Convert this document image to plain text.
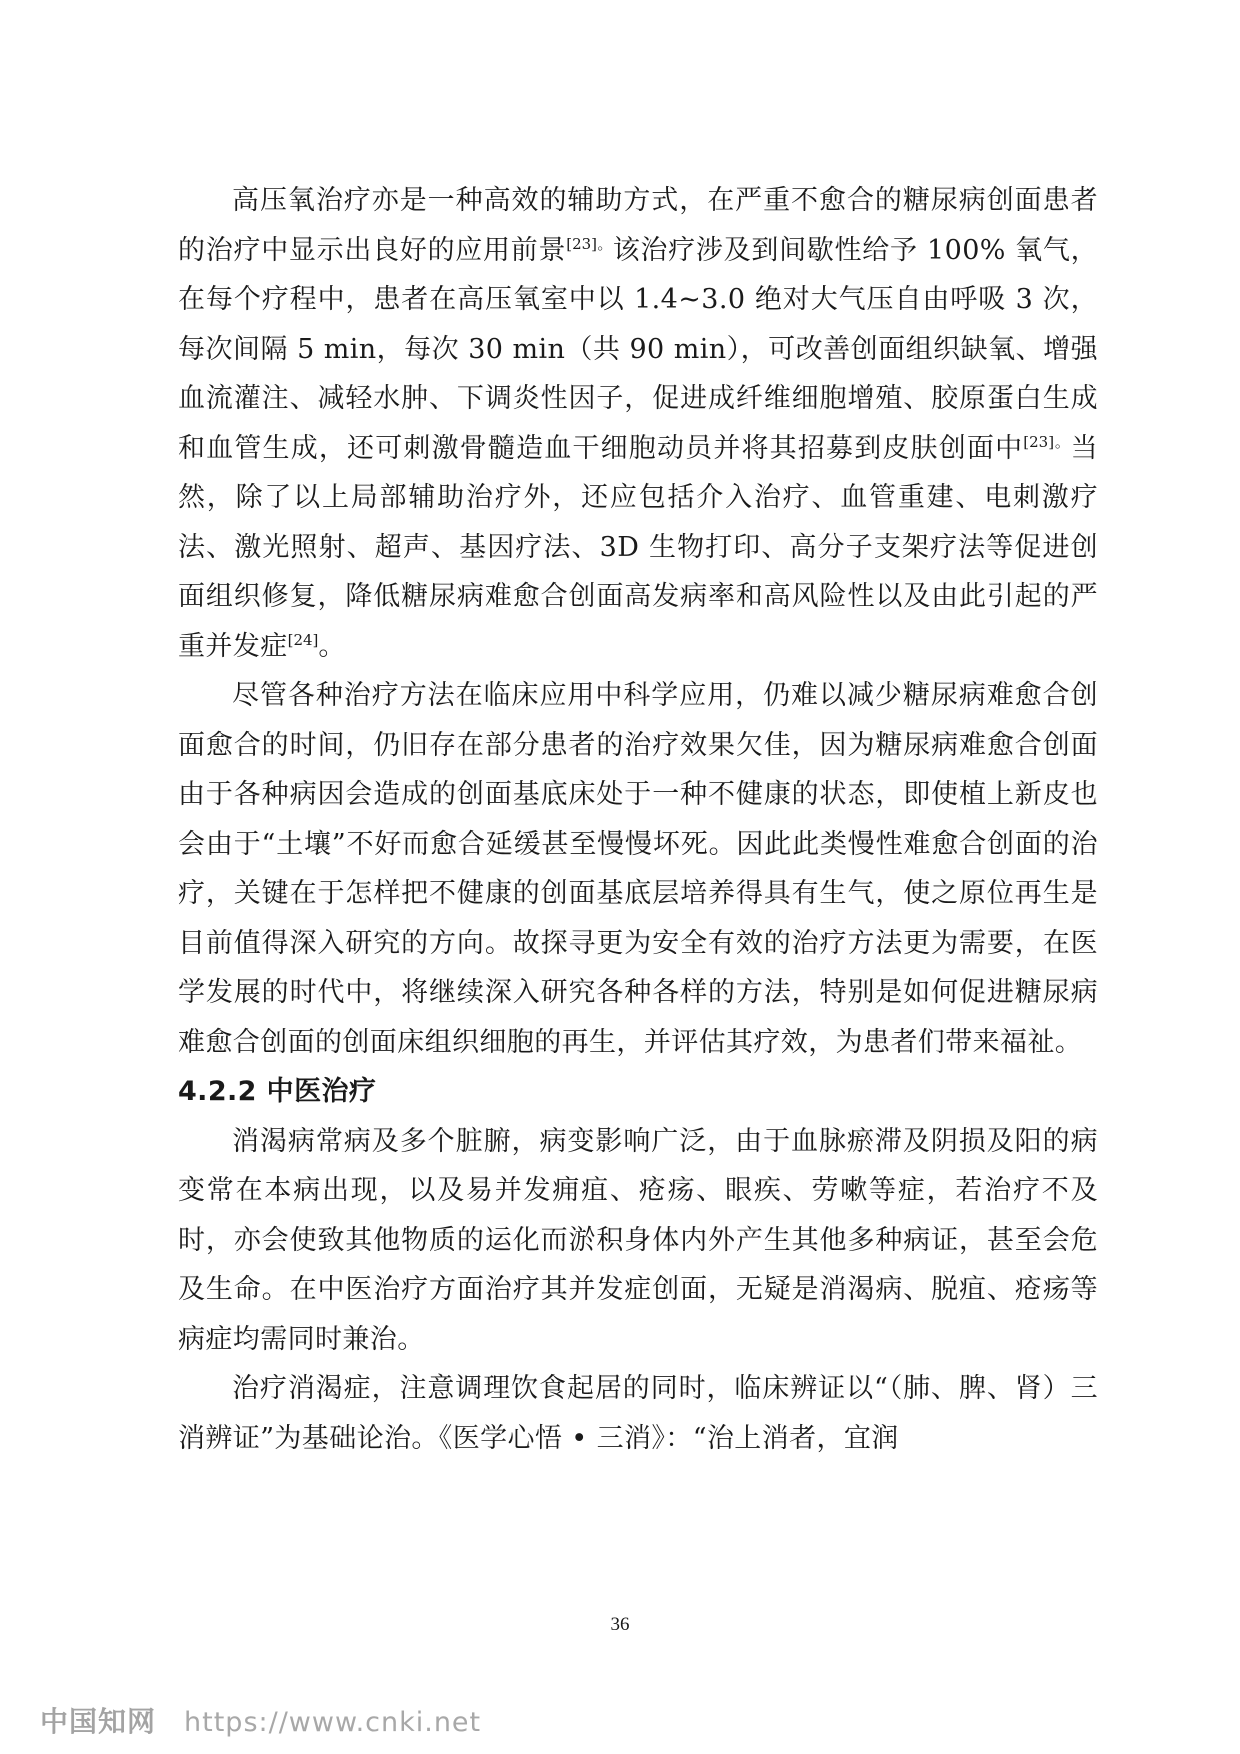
高压氧治疗亦是一种高效的辅助方式，在严重不愈合的糖尿病创面患者的治疗中显示出良好的应用前景$^{[23]。}$该治疗涉及到间歇性给予 100% 氧气，在每个疗程中，患者在高压氧室中以 1.4~3.0 绝对大气压自由呼吸 3 次，每次间隔 5 min，每次 30 min（共 90 min），可改善创面组织缺氧、增强血流灌注、减轻水肿、下调炎性因子，促进成纤维细胞增殖、胶原蛋白生成和血管生成，还可刺激骨髓造血干细胞动员并将其招募到皮肤创面中$^{[23]。}$当然，除了以上局部辅助治疗外，还应包括介入治疗、血管重建、电刺激疗法、激光照射、超声、基因疗法、3D 生物打印、高分子支架疗法等促进创面组织修复，降低糖尿病难愈合创面高发病率和高风险性以及由此引起的严重并发症[24]。

尽管各种治疗方法在临床应用中科学应用，仍难以减少糖尿病难愈合创面愈合的时间，仍旧存在部分患者的治疗效果欠佳，因为糖尿病难愈合创面由于各种病因会造成的创面基底床处于一种不健康的状态，即使植上新皮也会由于“土壤”不好而愈合延缓甚至慢慢坏死。因此此类慢性难愈合创面的治疗，关键在于怎样把不健康的创面基底层培养得具有生气，使之原位再生是目前值得深入研究的方向。故探寻更为安全有效的治疗方法更为需要，在医学发展的时代中，将继续深入研究各种各样的方法，特别是如何促进糖尿病难愈合创面的创面床组织细胞的再生，并评估其疗效，为患者们带来福祉。

4.2.2 中医治疗

消渴病常病及多个脏腑，病变影响广泛，由于血脉瘀滞及阴损及阳的病变常在本病出现，以及易并发痈疽、疮疡、眼疾、劳嗽等症，若治疗不及时，亦会使致其他物质的运化而淤积身体内外产生其他多种病证，甚至会危及生命。在中医治疗方面治疗其并发症创面，无疑是消渴病、脱疽、疮疡等病症均需同时兼治。

治疗消渴症，注意调理饮食起居的同时，临床辨证以“（肺、脾、肾）三消辨证”为基础论治。《医学心悟 • 三消》：“治上消者，宜润

36
中国知网 https://www.cnki.net
